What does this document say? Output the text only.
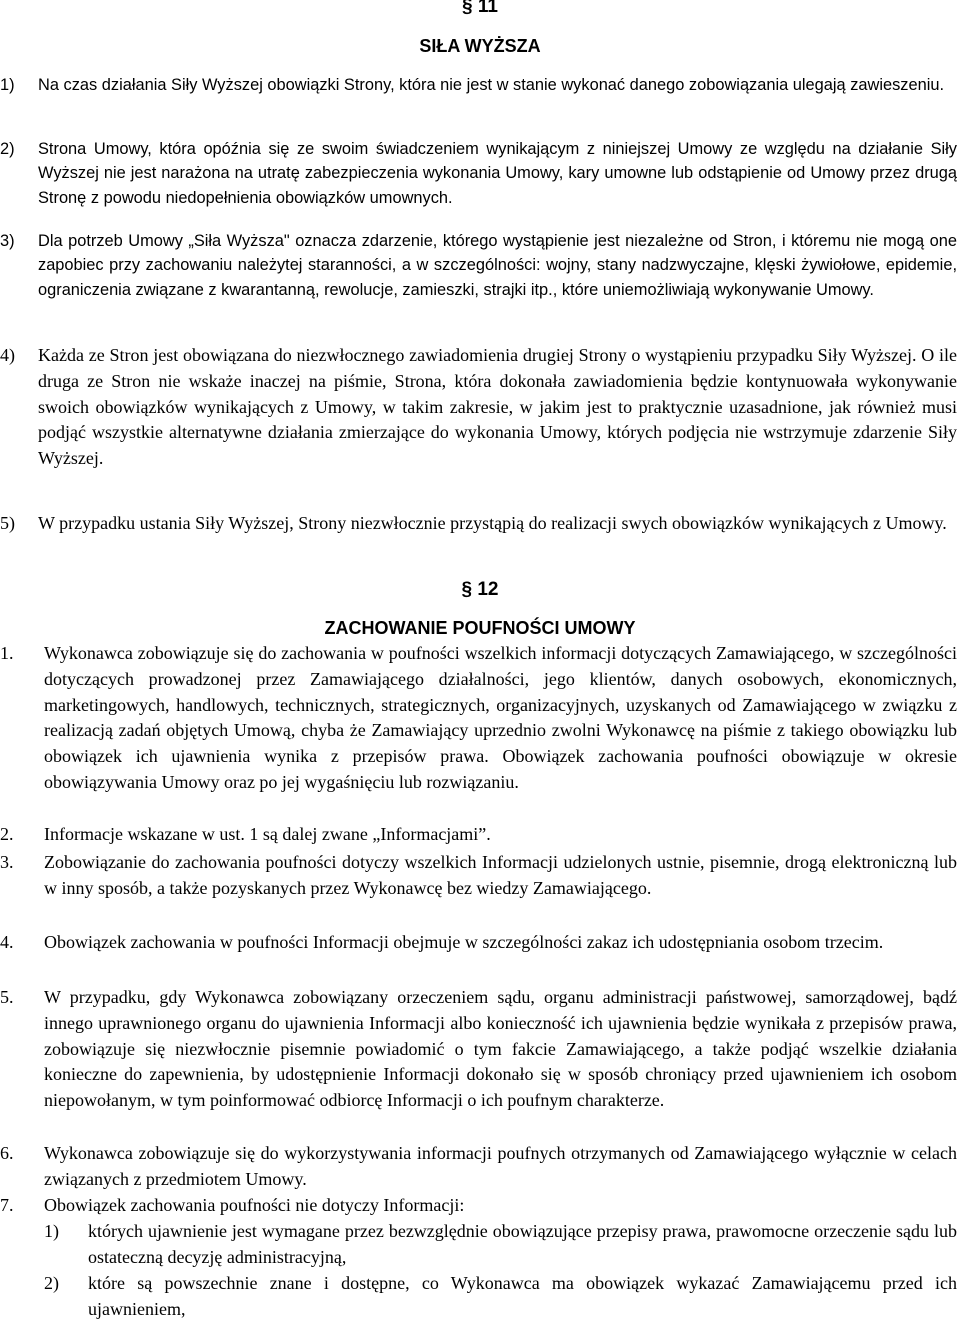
§ 11
SIŁA WYŻSZA
1) Na czas działania Siły Wyższej obowiązki Strony, która nie jest w stanie wykonać danego zobowiązania ulegają zawieszeniu.
2) Strona Umowy, która opóźnia się ze swoim świadczeniem wynikającym z niniejszej Umowy ze względu na działanie Siły Wyższej nie jest narażona na utratę zabezpieczenia wykonania Umowy, kary umowne lub odstąpienie od Umowy przez drugą Stronę z powodu niedopełnienia obowiązków umownych.
3) Dla potrzeb Umowy „Siła Wyższa" oznacza zdarzenie, którego wystąpienie jest niezależne od Stron, i któremu nie mogą one zapobiec przy zachowaniu należytej staranności, a w szczególności: wojny, stany nadzwyczajne, klęski żywiołowe, epidemie, ograniczenia związane z kwarantanną, rewolucje, zamieszki, strajki itp., które uniemożliwiają wykonywanie Umowy.
4) Każda ze Stron jest obowiązana do niezwłocznego zawiadomienia drugiej Strony o wystąpieniu przypadku Siły Wyższej. O ile druga ze Stron nie wskaże inaczej na piśmie, Strona, która dokonała zawiadomienia będzie kontynuowała wykonywanie swoich obowiązków wynikających z Umowy, w takim zakresie, w jakim jest to praktycznie uzasadnione, jak również musi podjąć wszystkie alternatywne działania zmierzające do wykonania Umowy, których podjęcia nie wstrzymuje zdarzenie Siły Wyższej.
5) W przypadku ustania Siły Wyższej, Strony niezwłocznie przystąpią do realizacji swych obowiązków wynikających z Umowy.
§ 12
ZACHOWANIE POUFNOŚCI UMOWY
1. Wykonawca zobowiązuje się do zachowania w poufności wszelkich informacji dotyczących Zamawiającego, w szczególności dotyczących prowadzonej przez Zamawiającego działalności, jego klientów, danych osobowych, ekonomicznych, marketingowych, handlowych, technicznych, strategicznych, organizacyjnych, uzyskanych od Zamawiającego w związku z realizacją zadań objętych Umową, chyba że Zamawiający uprzednio zwolni Wykonawcę na piśmie z takiego obowiązku lub obowiązek ich ujawnienia wynika z przepisów prawa. Obowiązek zachowania poufności obowiązuje w okresie obowiązywania Umowy oraz po jej wygaśnięciu lub rozwiązaniu.
2. Informacje wskazane w ust. 1 są dalej zwane „Informacjami”.
3. Zobowiązanie do zachowania poufności dotyczy wszelkich Informacji udzielonych ustnie, pisemnie, drogą elektroniczną lub w inny sposób, a także pozyskanych przez Wykonawcę bez wiedzy Zamawiającego.
4. Obowiązek zachowania w poufności Informacji obejmuje w szczególności zakaz ich udostępniania osobom trzecim.
5. W przypadku, gdy Wykonawca zobowiązany orzeczeniem sądu, organu administracji państwowej, samorządowej, bądź innego uprawnionego organu do ujawnienia Informacji albo konieczność ich ujawnienia będzie wynikała z przepisów prawa, zobowiązuje się niezwłocznie pisemnie powiadomić o tym fakcie Zamawiającego, a także podjąć wszelkie działania konieczne do zapewnienia, by udostępnienie Informacji dokonało się w sposób chroniący przed ujawnieniem ich osobom niepowołanym, w tym poinformować odbiorcę Informacji o ich poufnym charakterze.
6. Wykonawca zobowiązuje się do wykorzystywania informacji poufnych otrzymanych od Zamawiającego wyłącznie w celach związanych z przedmiotem Umowy.
7. Obowiązek zachowania poufności nie dotyczy Informacji:
1) których ujawnienie jest wymagane przez bezwzględnie obowiązujące przepisy prawa, prawomocne orzeczenie sądu lub ostateczną decyzję administracyjną,
2) które są powszechnie znane i dostępne, co Wykonawca ma obowiązek wykazać Zamawiającemu przed ich ujawnieniem,
